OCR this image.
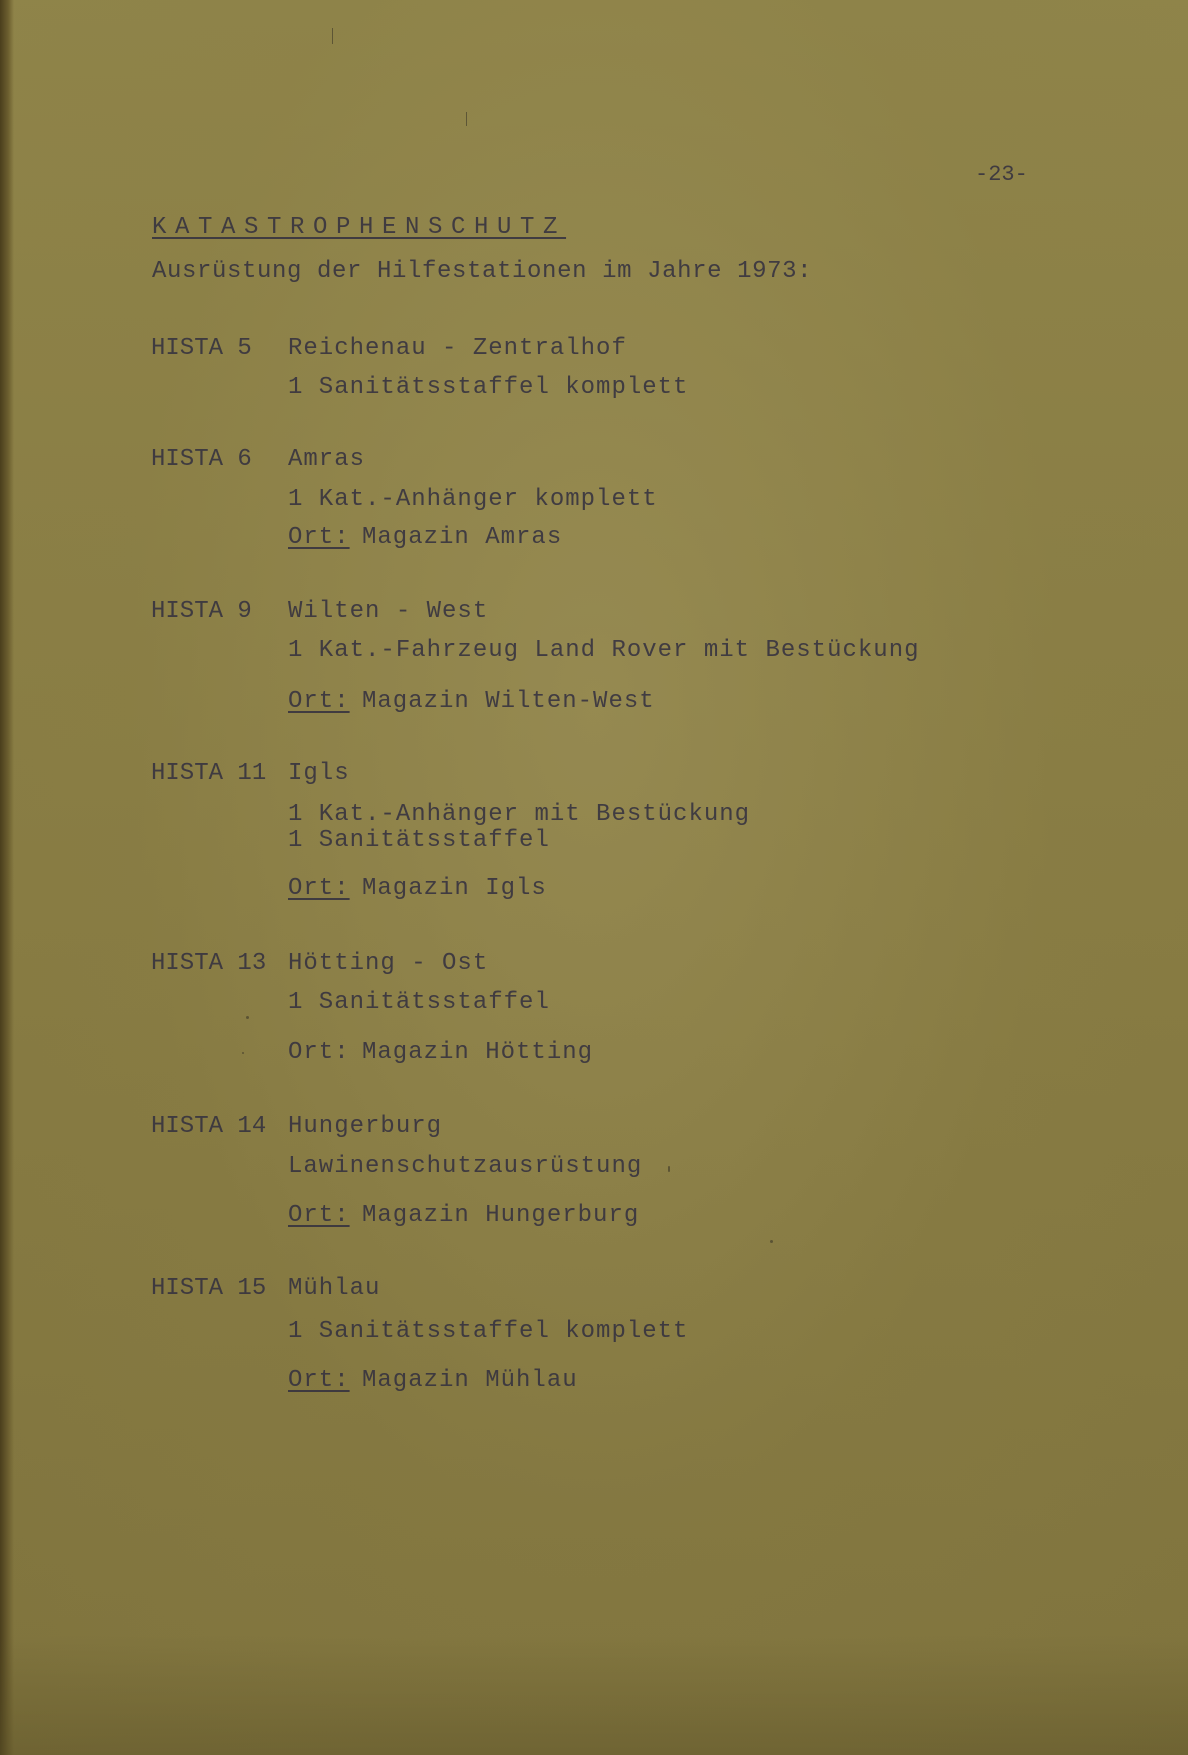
-23-
KATASTROPHENSCHUTZ
Ausrüstung der Hilfestationen im Jahre 1973:
HISTA 5 Reichenau - Zentralhof
1 Sanitätsstaffel komplett
HISTA 6 Amras
1 Kat.-Anhänger komplett
Ort: Magazin Amras
HISTA 9 Wilten - West
1 Kat.-Fahrzeug Land Rover mit Bestückung
Ort: Magazin Wilten-West
HISTA 11 Igls
1 Kat.-Anhänger mit Bestückung
1 Sanitätsstaffel
Ort: Magazin Igls
HISTA 13 Hötting - Ost
1 Sanitätsstaffel
Ort: Magazin Hötting
HISTA 14 Hungerburg
Lawinenschutzausrüstung
Ort: Magazin Hungerburg
HISTA 15 Mühlau
1 Sanitätsstaffel komplett
Ort: Magazin Mühlau
